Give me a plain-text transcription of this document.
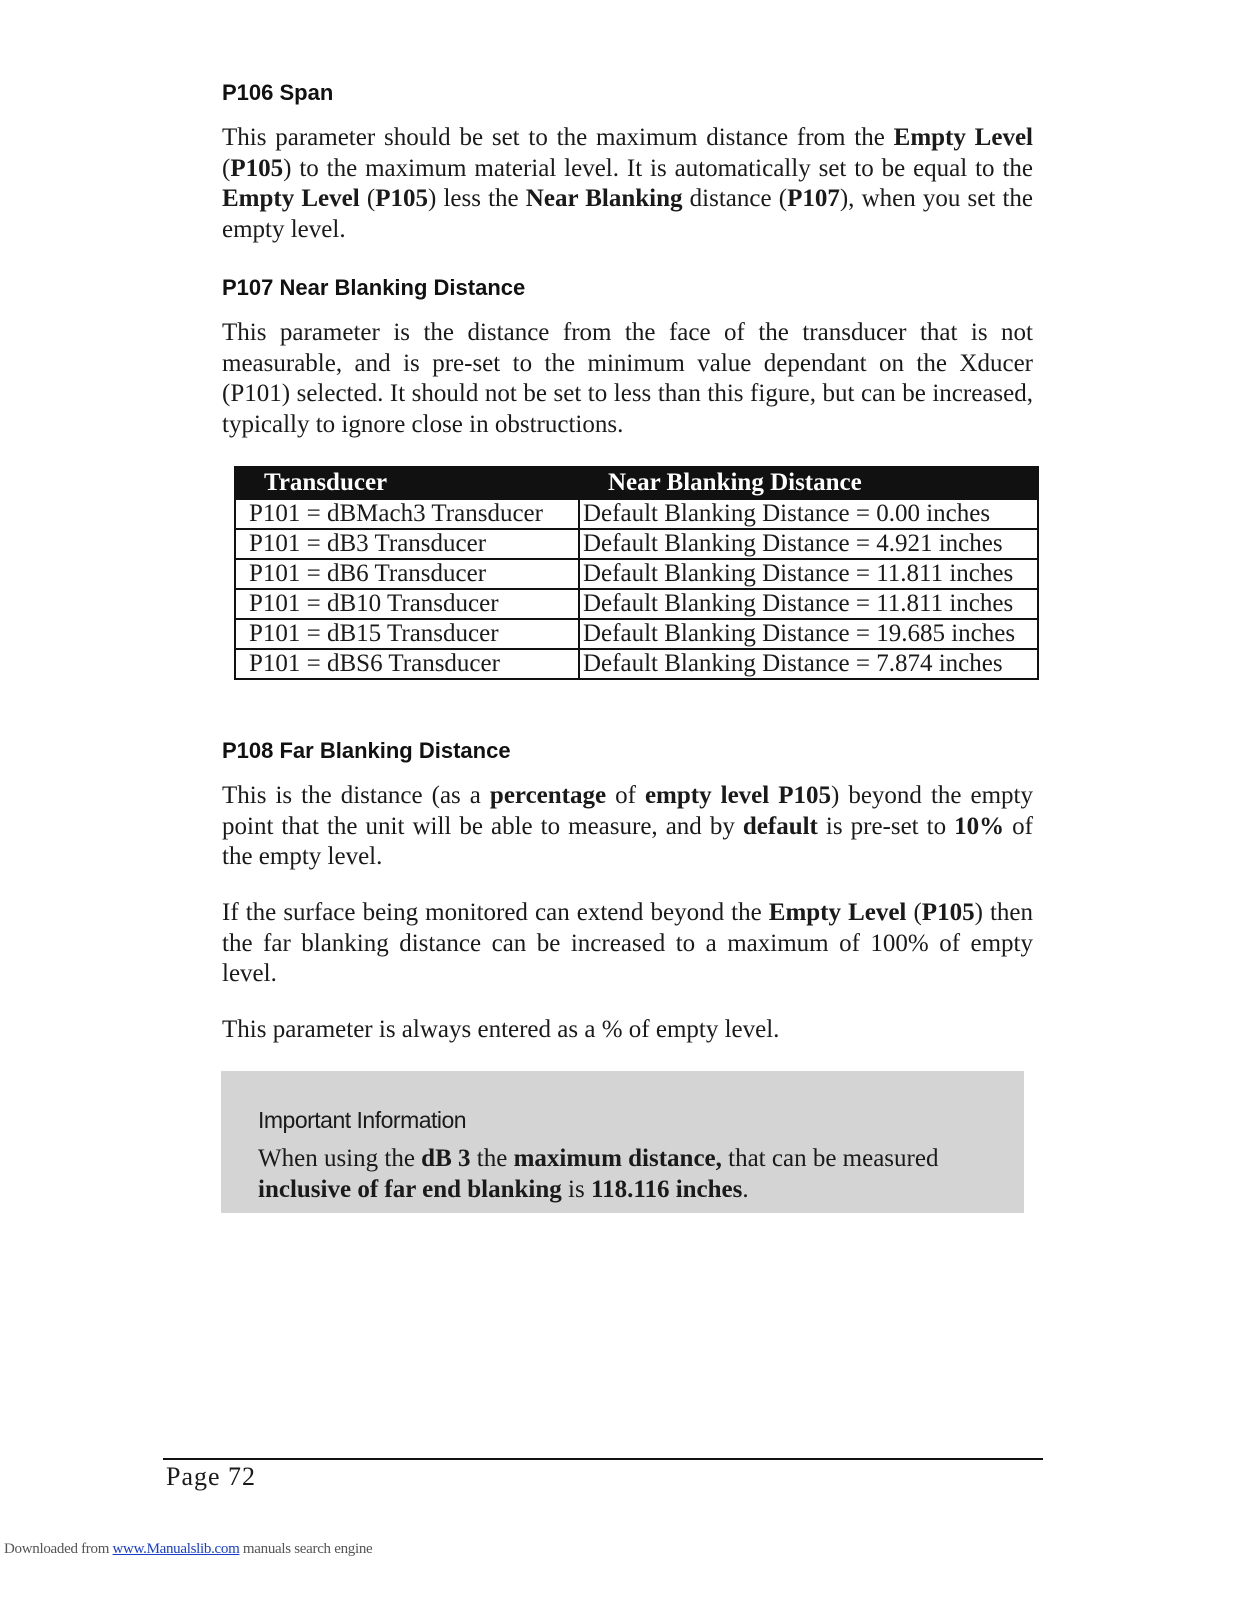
P106 Span

This parameter should be set to the maximum distance from the Empty Level (P105) to the maximum material level. It is automatically set to be equal to the Empty Level (P105) less the Near Blanking distance (P107), when you set the empty level.

P107 Near Blanking Distance

This parameter is the distance from the face of the transducer that is not measurable, and is pre-set to the minimum value dependant on the Xducer (P101) selected. It should not be set to less than this figure, but can be increased, typically to ignore close in obstructions.

Transducer	Near Blanking Distance
P101 = dBMach3 Transducer	Default Blanking Distance = 0.00 inches
P101 = dB3 Transducer	Default Blanking Distance = 4.921 inches
P101 = dB6 Transducer	Default Blanking Distance = 11.811 inches
P101 = dB10 Transducer	Default Blanking Distance = 11.811 inches
P101 = dB15 Transducer	Default Blanking Distance = 19.685 inches
P101 = dBS6 Transducer	Default Blanking Distance = 7.874 inches
P108 Far Blanking Distance

This is the distance (as a percentage of empty level P105) beyond the empty point that the unit will be able to measure, and by default is pre-set to 10% of the empty level.

If the surface being monitored can extend beyond the Empty Level (P105) then the far blanking distance can be increased to a maximum of 100% of empty level.

This parameter is always entered as a % of empty level.

Important Information

When using the dB 3 the maximum distance, that can be measured inclusive of far end blanking is 118.116 inches.

Page 72
Downloaded from www.Manualslib.com manuals search engine
